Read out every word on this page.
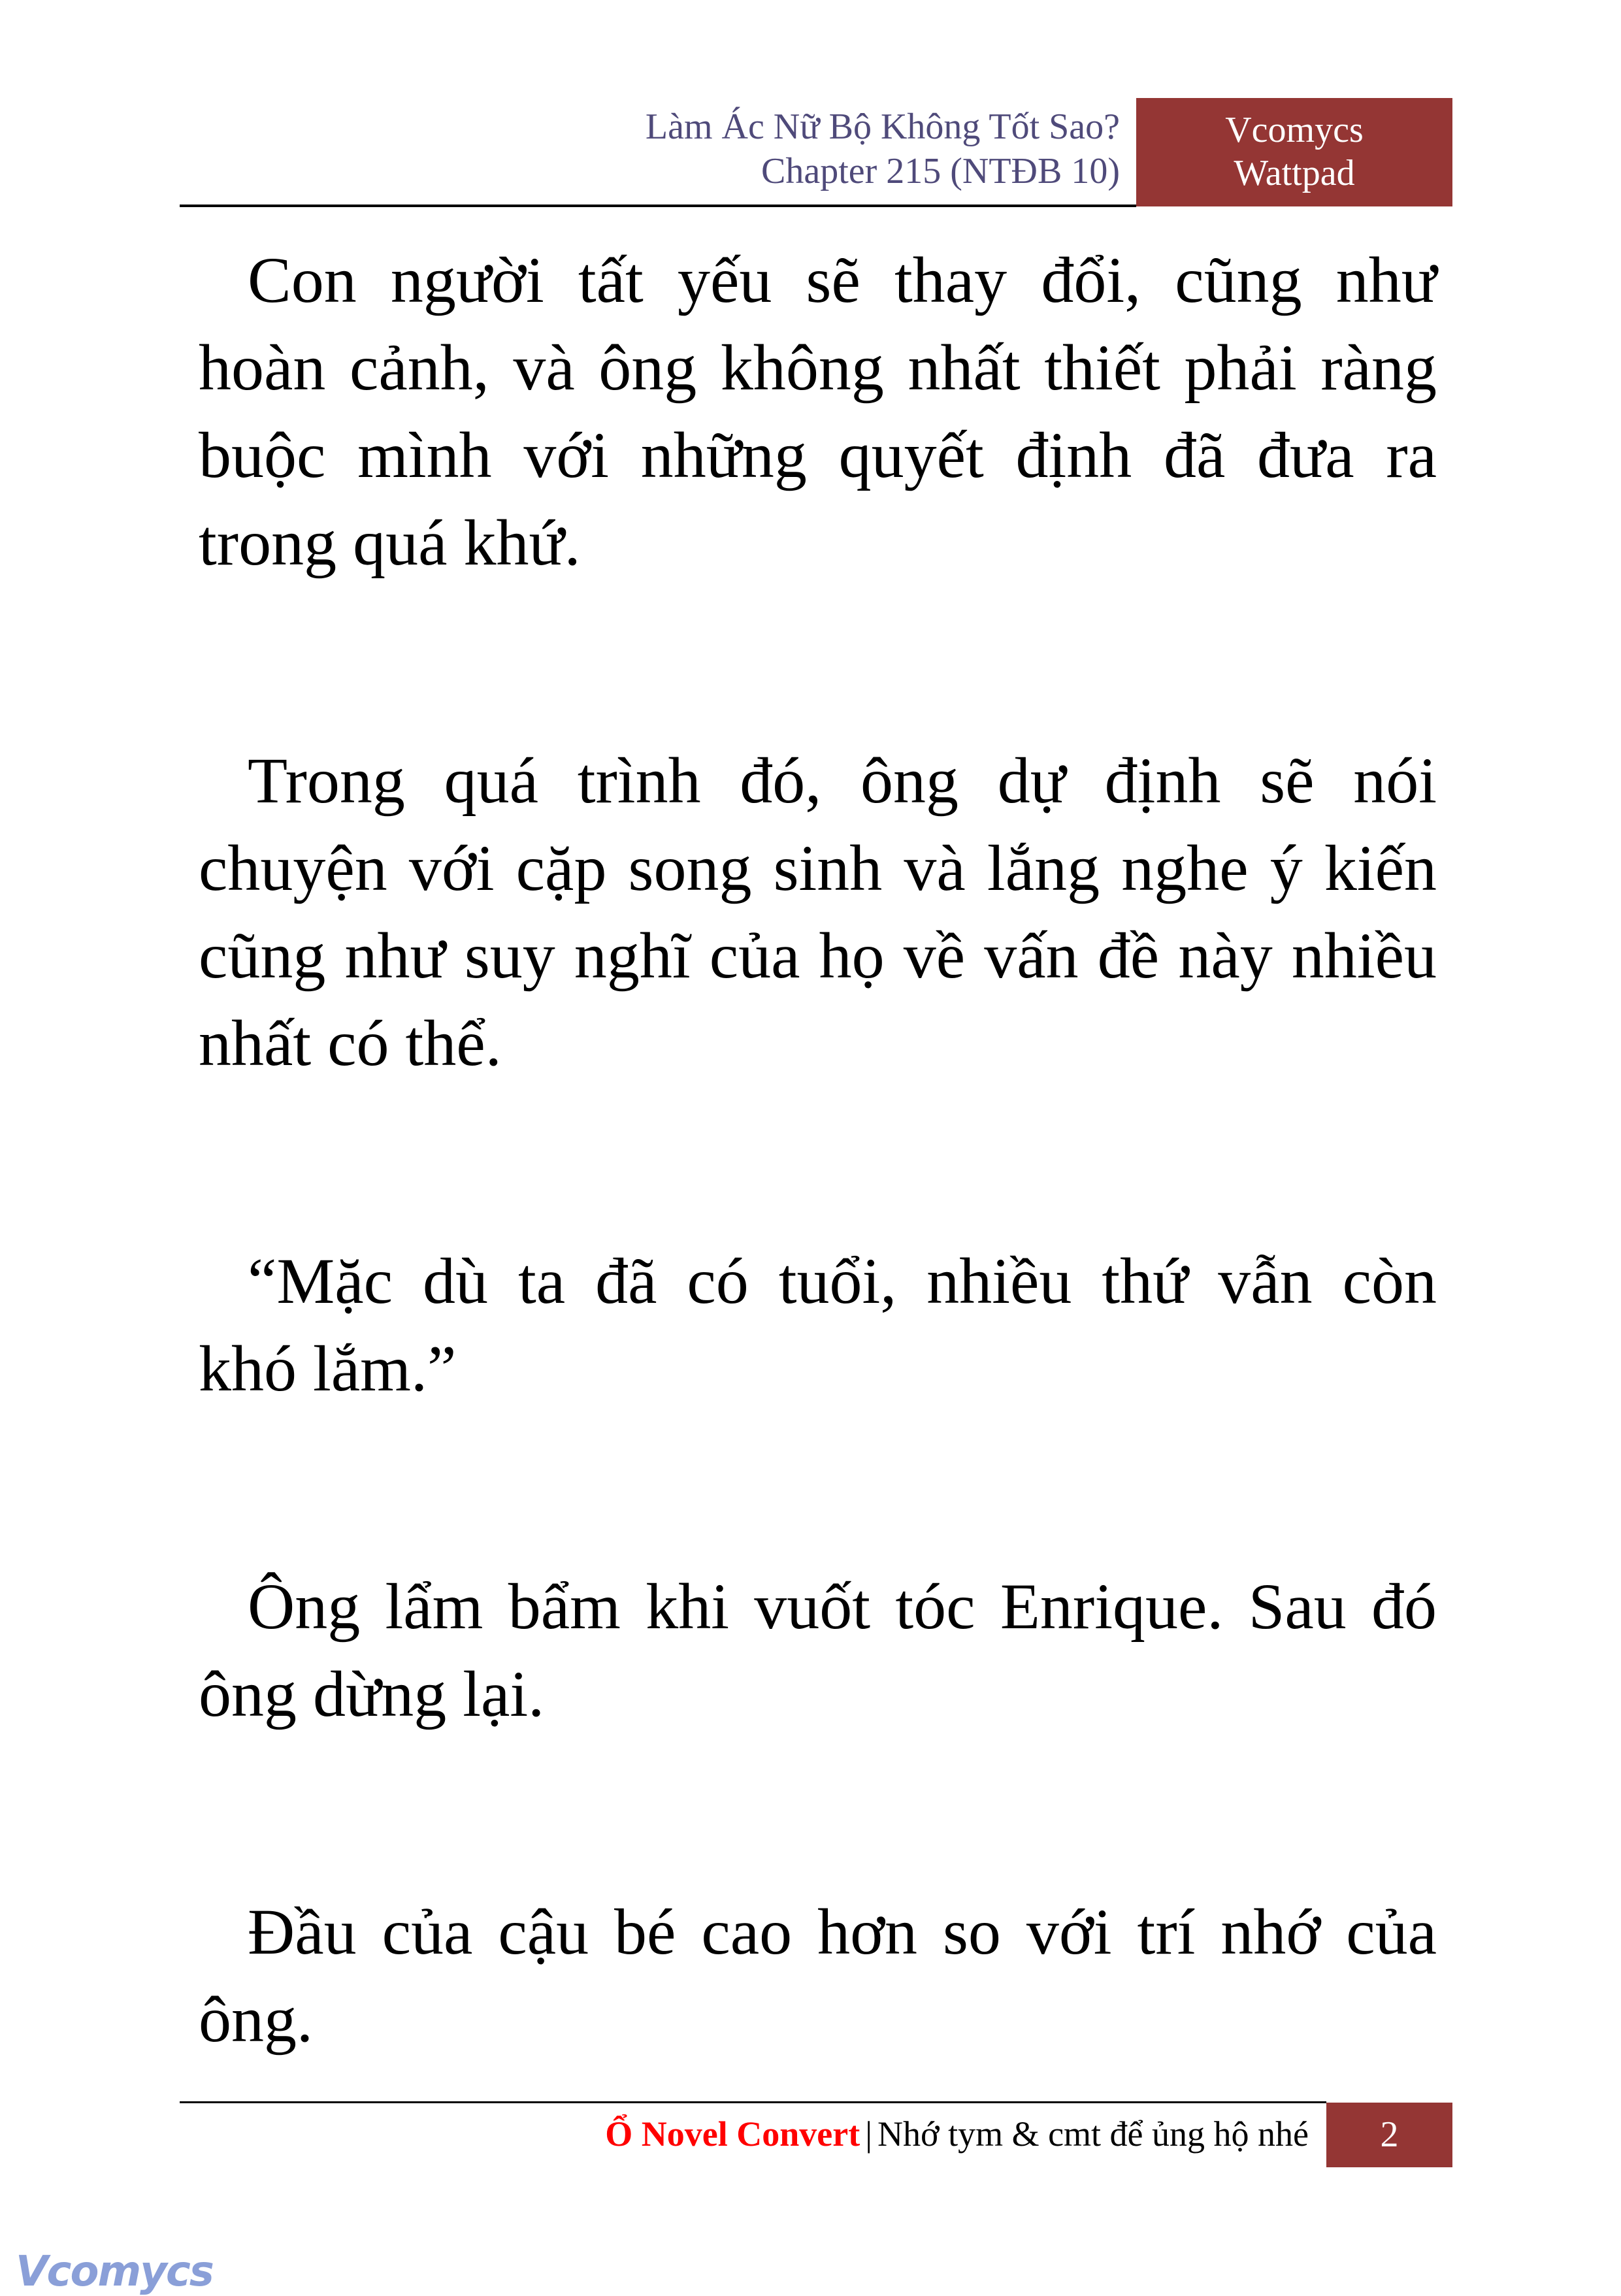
Làm Ác Nữ Bộ Không Tốt Sao?
Chapter 215 (NTĐB 10)
Vcomycs
Wattpad
Con người tất yếu sẽ thay đổi, cũng như
hoàn cảnh, và ông không nhất thiết phải ràng
buộc mình với những quyết định đã đưa ra
trong quá khứ.
Trong quá trình đó, ông dự định sẽ nói
chuyện với cặp song sinh và lắng nghe ý kiến
cũng như suy nghĩ của họ về vấn đề này nhiều
nhất có thể.
“Mặc dù ta đã có tuổi, nhiều thứ vẫn còn
khó lắm.”
Ông lẩm bẩm khi vuốt tóc Enrique. Sau đó
ông dừng lại.
Đầu của cậu bé cao hơn so với trí nhớ của
ông.
Ổ Novel Convert | Nhớ tym & cmt để ủng hộ nhé	2
Vcomycs
